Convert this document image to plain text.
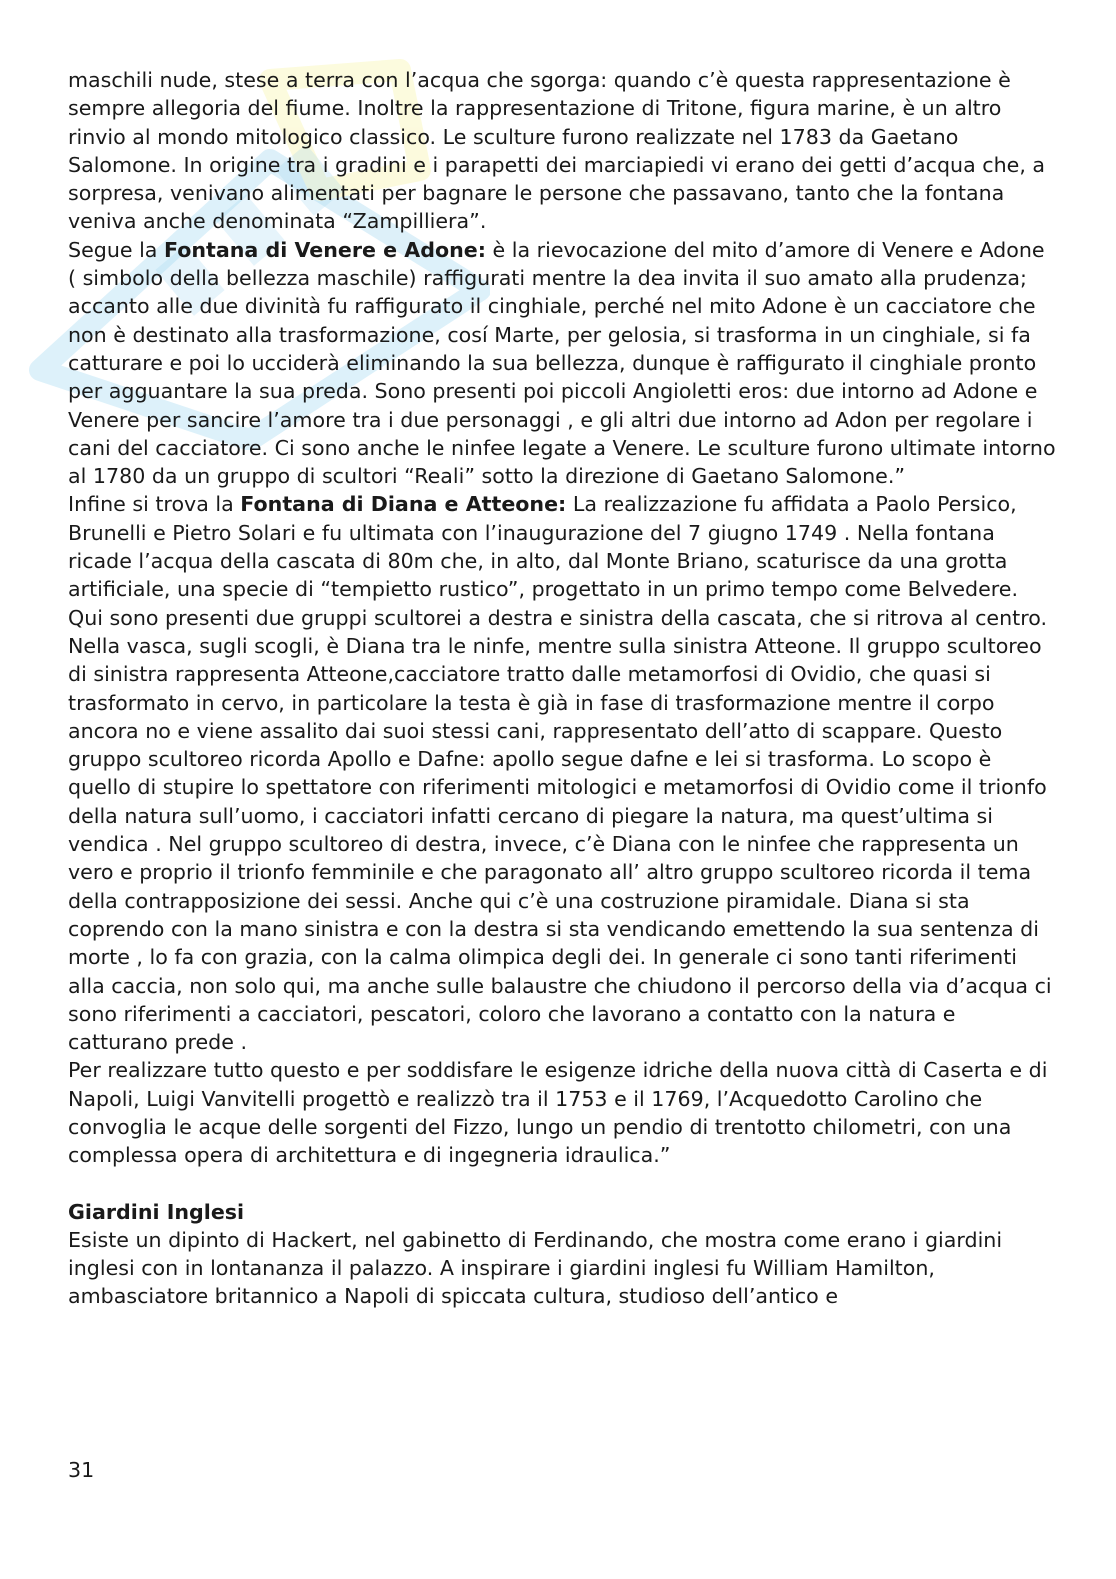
maschili nude, stese a terra con l’acqua che sgorga: quando c’è questa rappresentazione è sempre allegoria del fiume. Inoltre la rappresentazione di Tritone, figura marine, è un altro rinvio al mondo mitologico classico. Le sculture furono realizzate nel 1783 da Gaetano Salomone. In origine tra i gradini e i parapetti dei marciapiedi vi erano dei getti d’acqua che, a sorpresa, venivano alimentati per bagnare le persone che passavano, tanto che la fontana veniva anche denominata “Zampilliera”.

Segue la Fontana di Venere e Adone: è la rievocazione del mito d’amore di Venere e Adone ( simbolo della bellezza maschile) raffigurati mentre la dea invita il suo amato alla prudenza; accanto alle due divinità fu raffigurato il cinghiale, perché nel mito Adone è un cacciatore che non è destinato alla trasformazione, cosí Marte, per gelosia, si trasforma in un cinghiale, si fa catturare e poi lo ucciderà eliminando la sua bellezza, dunque è raffigurato il cinghiale pronto per agguantare la sua preda. Sono presenti poi piccoli Angioletti eros: due intorno ad Adone e Venere per sancire l’amore tra i due personaggi , e gli altri due intorno ad Adon per regolare i cani del cacciatore. Ci sono anche le ninfee legate a Venere. Le sculture furono ultimate intorno al 1780 da un gruppo di scultori “Reali” sotto la direzione di Gaetano Salomone.”

Infine si trova la Fontana di Diana e Atteone: La realizzazione fu affidata a Paolo Persico, Brunelli e Pietro Solari e fu ultimata con l’inaugurazione del 7 giugno 1749 . Nella fontana ricade l’acqua della cascata di 80m che, in alto, dal Monte Briano, scaturisce da una grotta artificiale, una specie di “tempietto rustico”, progettato in un primo tempo come Belvedere. Qui sono presenti due gruppi scultorei a destra e sinistra della cascata, che si ritrova al centro. Nella vasca, sugli scogli, è Diana tra le ninfe, mentre sulla sinistra Atteone. Il gruppo scultoreo di sinistra rappresenta Atteone,cacciatore tratto dalle metamorfosi di Ovidio, che quasi si trasformato in cervo, in particolare la testa è già in fase di trasformazione mentre il corpo ancora no e viene assalito dai suoi stessi cani, rappresentato dell’atto di scappare. Questo gruppo scultoreo ricorda Apollo e Dafne: apollo segue dafne e lei si trasforma. Lo scopo è quello di stupire lo spettatore con riferimenti mitologici e metamorfosi di Ovidio come il trionfo della natura sull’uomo, i cacciatori infatti cercano di piegare la natura, ma quest’ultima si vendica . Nel gruppo scultoreo di destra, invece, c’è Diana con le ninfee che rappresenta un vero e proprio il trionfo femminile e che paragonato all’ altro gruppo scultoreo ricorda il tema della contrapposizione dei sessi. Anche qui c’è una costruzione piramidale. Diana si sta coprendo con la mano sinistra e con la destra si sta vendicando emettendo la sua sentenza di morte , lo fa con grazia, con la calma olimpica degli dei. In generale ci sono tanti riferimenti alla caccia, non solo qui, ma anche sulle balaustre che chiudono il percorso della via d’acqua ci sono riferimenti a cacciatori, pescatori, coloro che lavorano a contatto con la natura e catturano prede .

Per realizzare tutto questo e per soddisfare le esigenze idriche della nuova città di Caserta e di Napoli, Luigi Vanvitelli progettò e realizzò tra il 1753 e il 1769, l’Acquedotto Carolino che convoglia le acque delle sorgenti del Fizzo, lungo un pendio di trentotto chilometri, con una complessa opera di architettura e di ingegneria idraulica.”

Giardini Inglesi

Esiste un dipinto di Hackert, nel gabinetto di Ferdinando, che mostra come erano i giardini inglesi con in lontananza il palazzo. A inspirare i giardini inglesi fu William Hamilton, ambasciatore britannico a Napoli di spiccata cultura, studioso dell’antico e

31
